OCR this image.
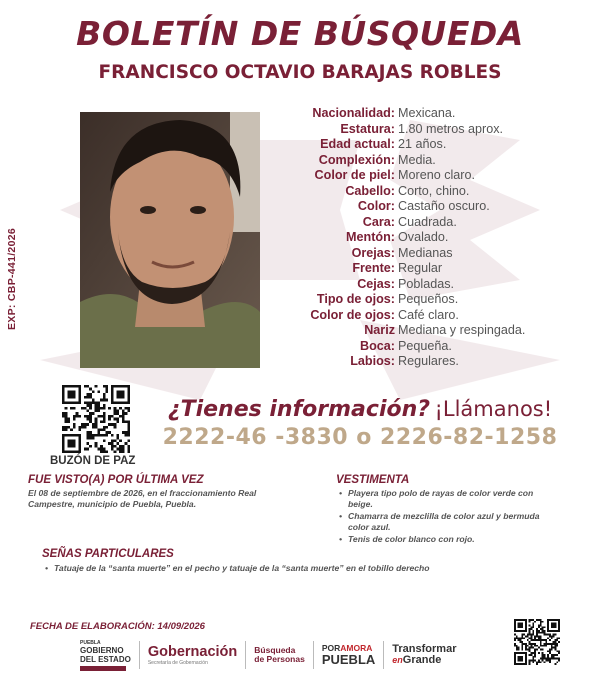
BOLETÍN DE BÚSQUEDA
FRANCISCO OCTAVIO BARAJAS ROBLES
EXP: CBP-441/2026
Nacionalidad: Mexicana.
Estatura: 1.80 metros aprox.
Edad actual: 21 años.
Complexión: Media.
Color de piel: Moreno claro.
Cabello: Corto, chino.
Color: Castaño oscuro.
Cara: Cuadrada.
Mentón: Ovalado.
Orejas: Medianas
Frente: Regular
Cejas: Pobladas.
Tipo de ojos: Pequeños.
Color de ojos: Café claro.
Nariz Mediana y respingada.
Boca: Pequeña.
Labios: Regulares.
BUZÓN DE PAZ
¿Tienes información? ¡Llámanos!
2222-46 -3830 o 2226-82-1258
FUE VISTO(A) POR ÚLTIMA VEZ
El 08 de septiembre de 2026, en el fraccionamiento Real Campestre, municipio de Puebla, Puebla.
VESTIMENTA
• Playera tipo polo de rayas de color verde con beige.
• Chamarra de mezclilla de color azul y bermuda color azul.
• Tenis de color blanco con rojo.
SEÑAS PARTICULARES
• Tatuaje de la “santa muerte” en el pecho y tatuaje de la “santa muerte” en el tobillo derecho
FECHA DE ELABORACIÓN: 14/09/2026
PUEBLA
GOBIERNO
DEL ESTADO Gobernación
Secretaría de Gobernación
Búsqueda
de Personas
PORAMORA
PUEBLA
Transformar
enGrande
